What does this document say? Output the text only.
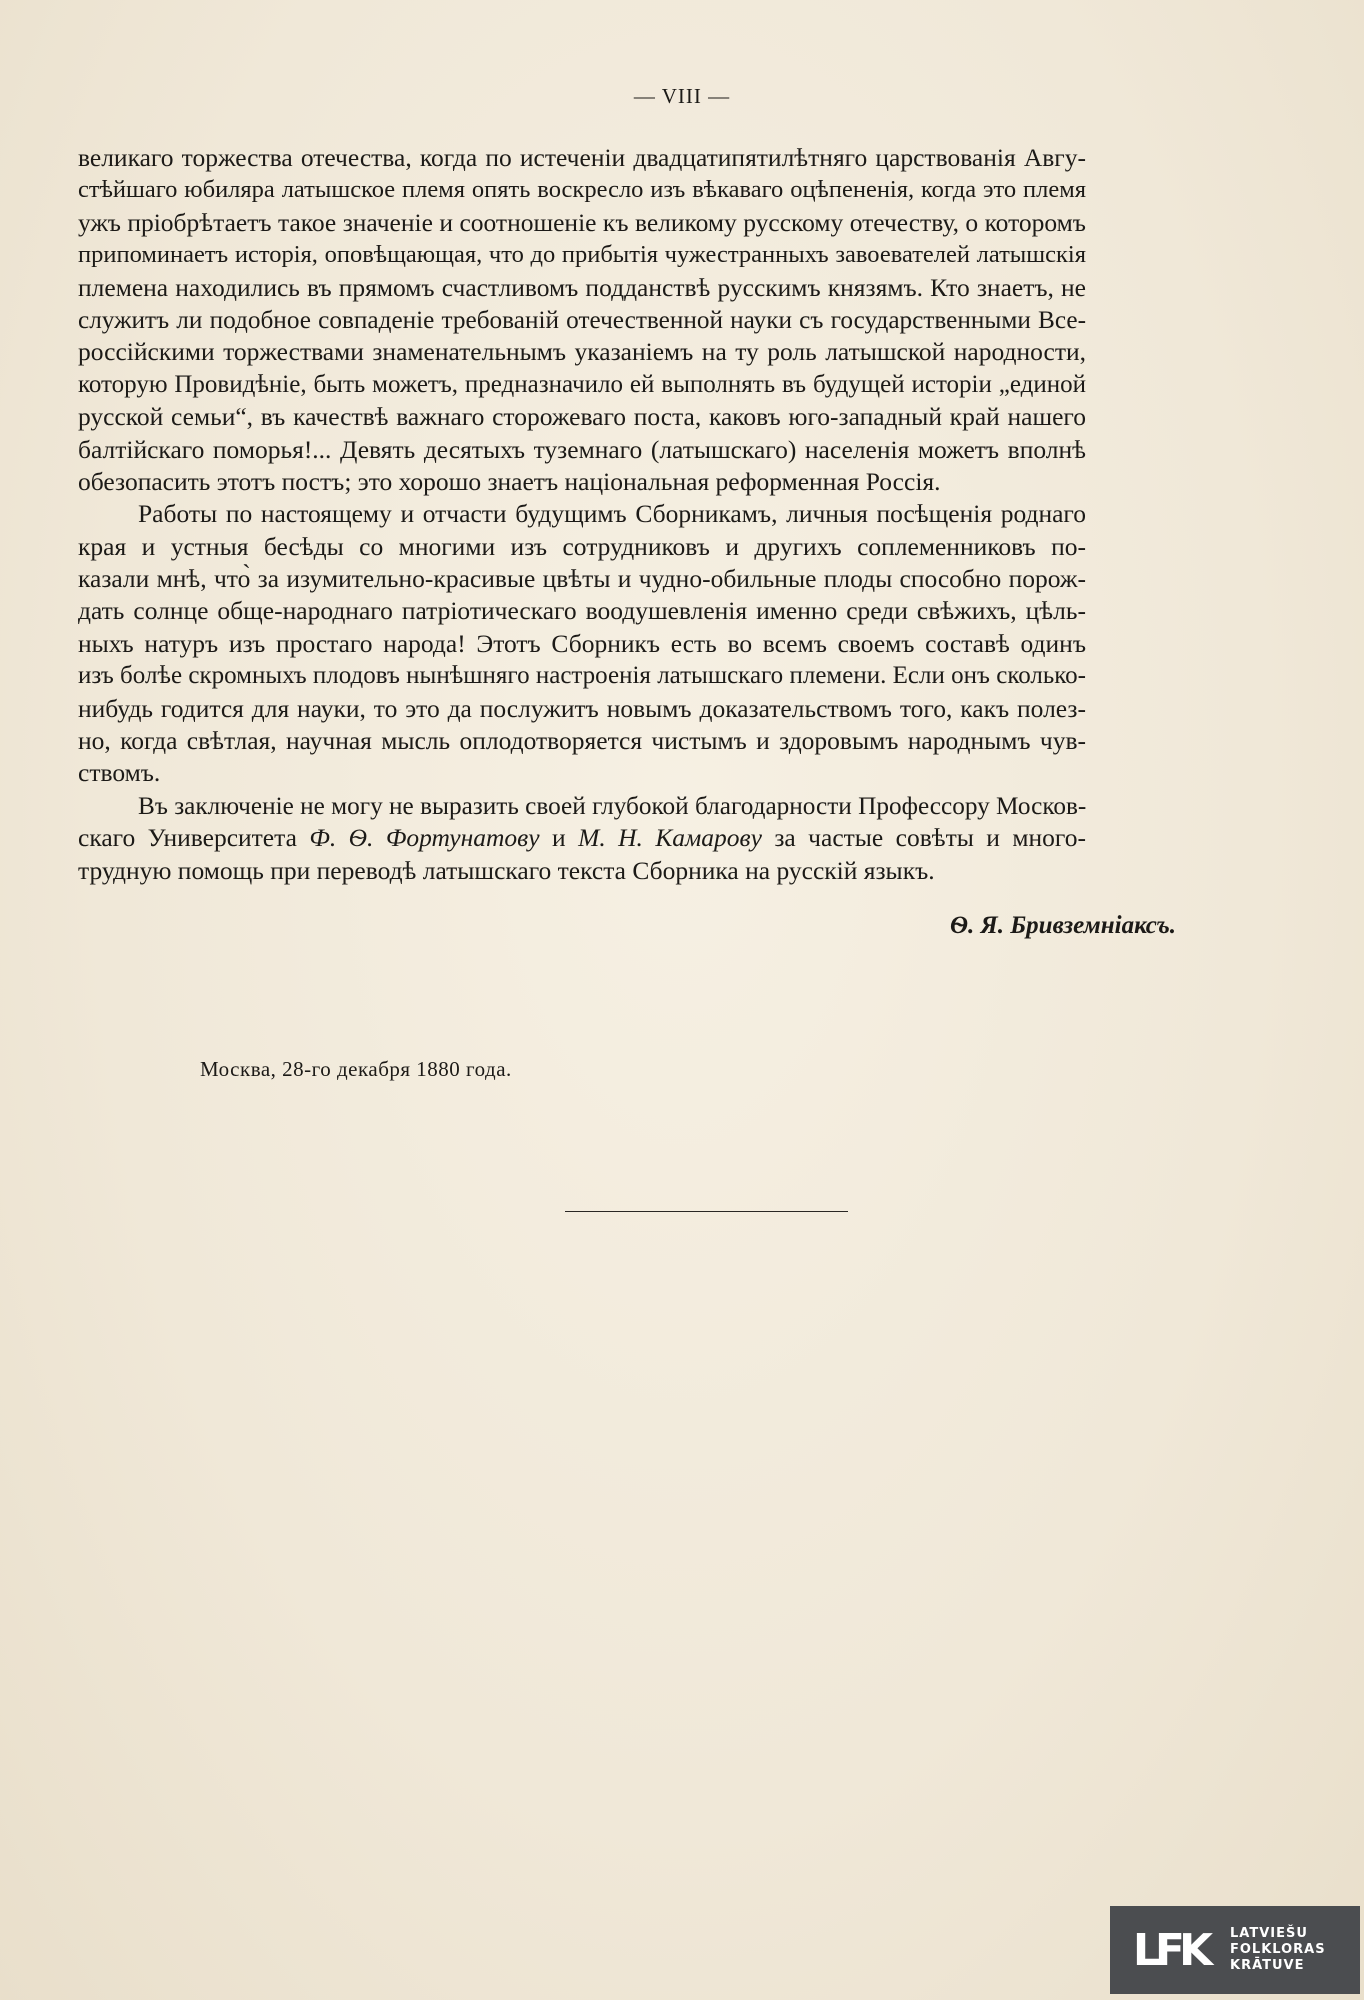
— VIII —
великаго торжества отечества, когда по истеченіи двадцатипятилѣтняго царствованія Авгу-
стѣйшаго юбиляра латышское племя опять воскресло изъ вѣкаваго оцѣпененія, когда это племя
ужъ пріобрѣтаетъ такое значеніе и соотношеніе къ великому русскому отечеству, о которомъ
припоминаетъ исторія, оповѣщающая, что до прибытія чужестранныхъ завоевателей латышскія
племена находились въ прямомъ счастливомъ подданствѣ русскимъ князямъ. Кто знаетъ, не
служитъ ли подобное совпаденіе требованій отечественной науки съ государственными Все-
россійскими торжествами знаменательнымъ указаніемъ на ту роль латышской народности,
которую Провидѣніе, быть можетъ, предназначило ей выполнять въ будущей исторіи „единой
русской семьи“, въ качествѣ важнаго сторожеваго поста, каковъ юго-западный край нашего
балтійскаго поморья!... Девять десятыхъ туземнаго (латышскаго) населенія можетъ вполнѣ
обезопасить этотъ постъ; это хорошо знаетъ національная реформенная Россія.
Работы по настоящему и отчасти будущимъ Сборникамъ, личныя посѣщенія роднаго
края и устныя бесѣды со многими изъ сотрудниковъ и другихъ соплеменниковъ по-
казали мнѣ, что̀ за изумительно-красивые цвѣты и чудно-обильные плоды способно порож-
дать солнце обще-народнаго патріотическаго воодушевленія именно среди свѣжихъ, цѣль-
ныхъ натуръ изъ простаго народа! Этотъ Сборникъ есть во всемъ своемъ составѣ одинъ
изъ болѣе скромныхъ плодовъ нынѣшняго настроенія латышскаго племени. Если онъ сколько-
нибудь годится для науки, то это да послужитъ новымъ доказательствомъ того, какъ полез-
но, когда свѣтлая, научная мысль оплодотворяется чистымъ и здоровымъ народнымъ чув-
ствомъ.
Въ заключеніе не могу не выразить своей глубокой благодарности Профессору Москов-
скаго Университета Ф. Ѳ. Фортунатову и М. Н. Камарову за частые совѣты и много-
трудную помощь при переводѣ латышскаго текста Сборника на русскій языкъ.
Ѳ. Я. Бривземніаксъ.
Москва, 28-го декабря 1880 года.
LFK	LATVIEŠU
FOLKLORAS
KRĀTUVE
